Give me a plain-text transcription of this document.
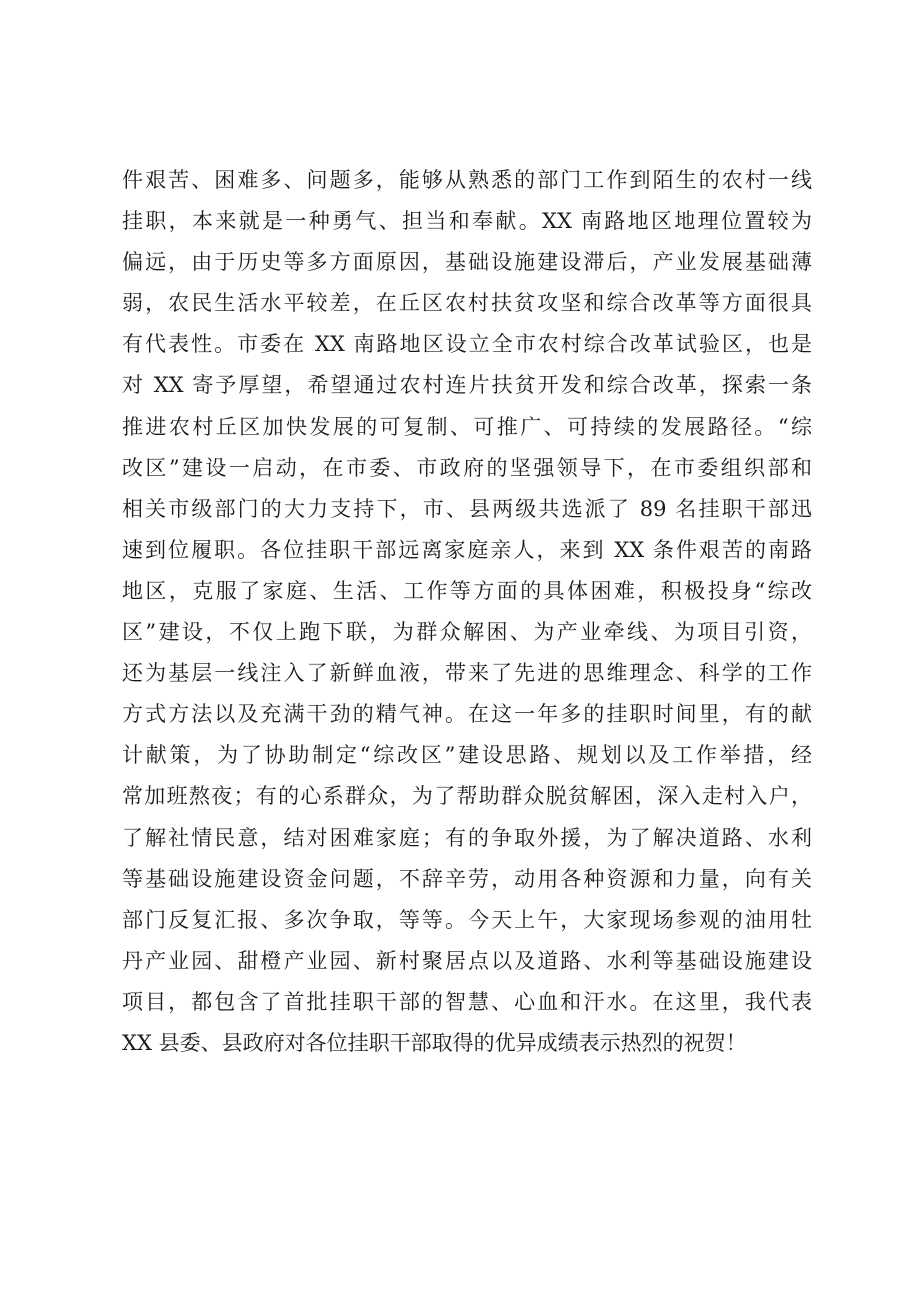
件艰苦、困难多、问题多，能够从熟悉的部门工作到陌生的农村一线
挂职，本来就是一种勇气、担当和奉献。XX 南路地区地理位置较为
偏远，由于历史等多方面原因，基础设施建设滞后，产业发展基础薄
弱，农民生活水平较差，在丘区农村扶贫攻坚和综合改革等方面很具
有代表性。市委在 XX 南路地区设立全市农村综合改革试验区，也是
对 XX 寄予厚望，希望通过农村连片扶贫开发和综合改革，探索一条
推进农村丘区加快发展的可复制、可推广、可持续的发展路径。“综
改区”建设一启动，在市委、市政府的坚强领导下，在市委组织部和
相关市级部门的大力支持下，市、县两级共选派了 89 名挂职干部迅
速到位履职。各位挂职干部远离家庭亲人，来到 XX 条件艰苦的南路
地区，克服了家庭、生活、工作等方面的具体困难，积极投身“综改
区”建设，不仅上跑下联，为群众解困、为产业牵线、为项目引资，
还为基层一线注入了新鲜血液，带来了先进的思维理念、科学的工作
方式方法以及充满干劲的精气神。在这一年多的挂职时间里，有的献
计献策，为了协助制定“综改区”建设思路、规划以及工作举措，经
常加班熬夜；有的心系群众，为了帮助群众脱贫解困，深入走村入户，
了解社情民意，结对困难家庭；有的争取外援，为了解决道路、水利
等基础设施建设资金问题，不辞辛劳，动用各种资源和力量，向有关
部门反复汇报、多次争取，等等。今天上午，大家现场参观的油用牡
丹产业园、甜橙产业园、新村聚居点以及道路、水利等基础设施建设
项目，都包含了首批挂职干部的智慧、心血和汗水。在这里，我代表
XX 县委、县政府对各位挂职干部取得的优异成绩表示热烈的祝贺！
